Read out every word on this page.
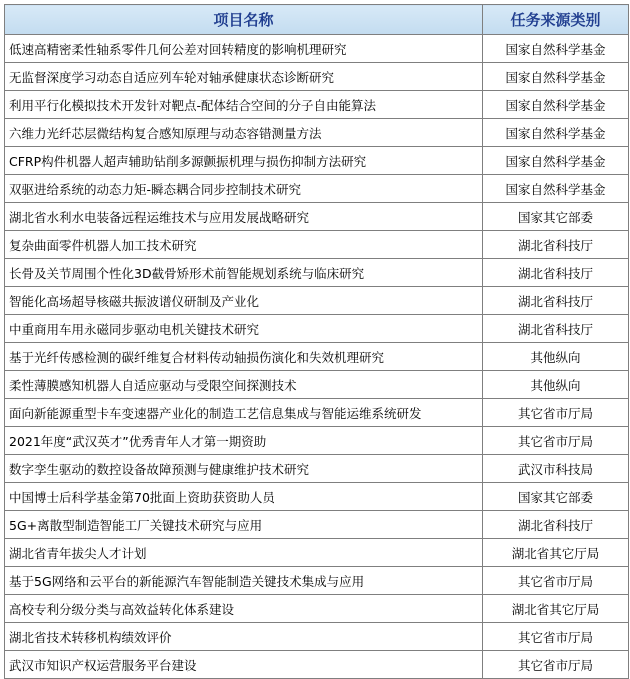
项目名称	任务来源类别
低速高精密柔性轴系零件几何公差对回转精度的影响机理研究	国家自然科学基金
无监督深度学习动态自适应列车轮对轴承健康状态诊断研究	国家自然科学基金
利用平行化模拟技术开发针对靶点-配体结合空间的分子自由能算法	国家自然科学基金
六维力光纤芯层微结构复合感知原理与动态容错测量方法	国家自然科学基金
CFRP构件机器人超声辅助钻削多源颤振机理与损伤抑制方法研究	国家自然科学基金
双驱进给系统的动态力矩-瞬态耦合同步控制技术研究	国家自然科学基金
湖北省水利水电装备远程运维技术与应用发展战略研究	国家其它部委
复杂曲面零件机器人加工技术研究	湖北省科技厅
长骨及关节周围个性化3D截骨矫形术前智能规划系统与临床研究	湖北省科技厅
智能化高场超导核磁共振波谱仪研制及产业化	湖北省科技厅
中重商用车用永磁同步驱动电机关键技术研究	湖北省科技厅
基于光纤传感检测的碳纤维复合材料传动轴损伤演化和失效机理研究	其他纵向
柔性薄膜感知机器人自适应驱动与受限空间探测技术	其他纵向
面向新能源重型卡车变速器产业化的制造工艺信息集成与智能运维系统研发	其它省市厅局
2021年度“武汉英才”优秀青年人才第一期资助	其它省市厅局
数字孪生驱动的数控设备故障预测与健康维护技术研究	武汉市科技局
中国博士后科学基金第70批面上资助获资助人员	国家其它部委
5G+离散型制造智能工厂关键技术研究与应用	湖北省科技厅
湖北省青年拔尖人才计划	湖北省其它厅局
基于5G网络和云平台的新能源汽车智能制造关键技术集成与应用	其它省市厅局
高校专利分级分类与高效益转化体系建设	湖北省其它厅局
湖北省技术转移机构绩效评价	其它省市厅局
武汉市知识产权运营服务平台建设	其它省市厅局
